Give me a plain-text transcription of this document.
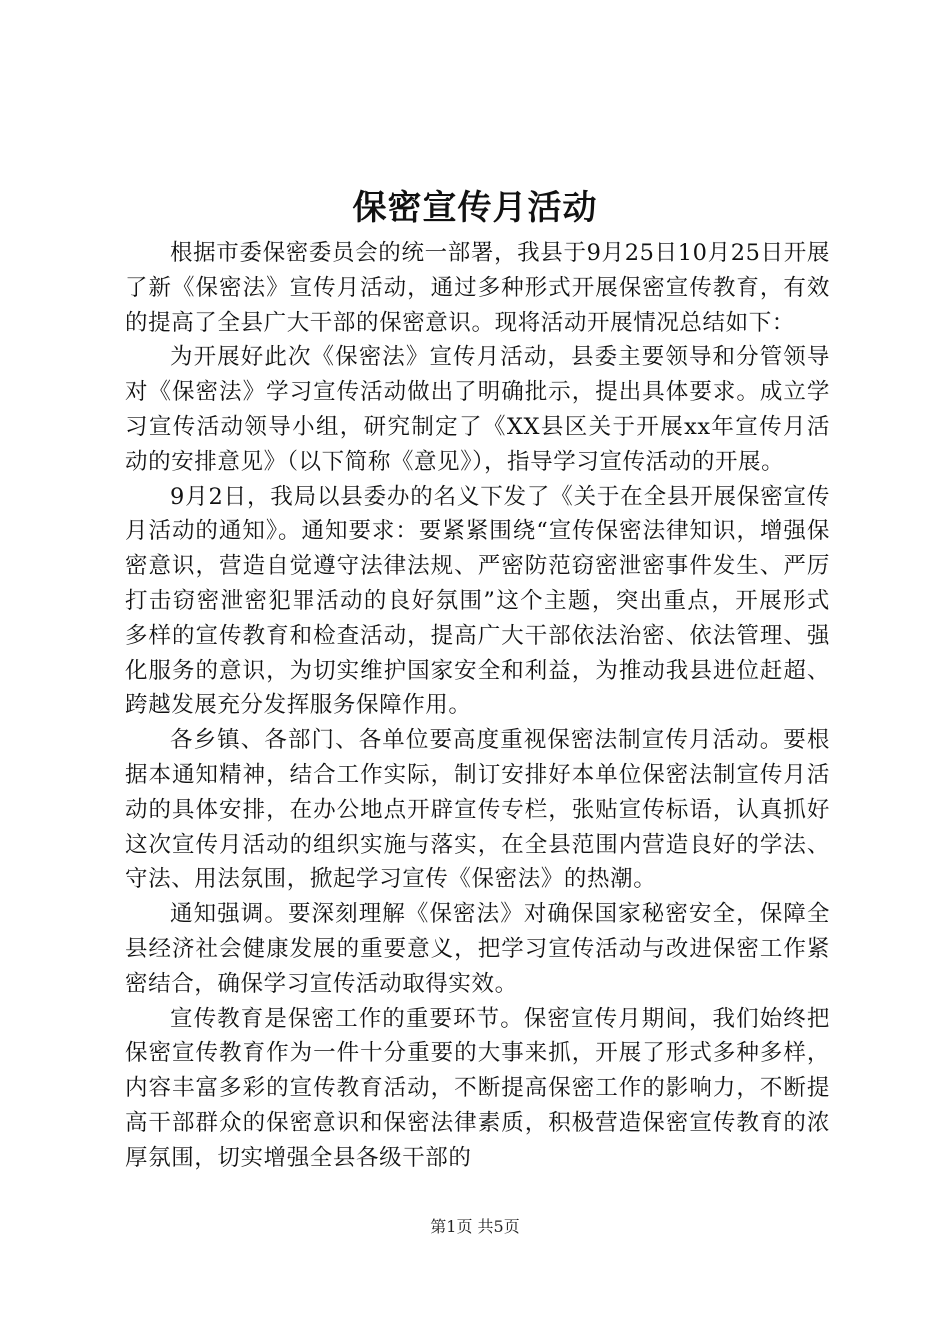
保密宣传月活动

根据市委保密委员会的统一部署，我县于9月25日10月25日开展了新《保密法》宣传月活动，通过多种形式开展保密宣传教育，有效的提高了全县广大干部的保密意识。现将活动开展情况总结如下：

为开展好此次《保密法》宣传月活动，县委主要领导和分管领导对《保密法》学习宣传活动做出了明确批示，提出具体要求。成立学习宣传活动领导小组，研究制定了《XX县区关于开展xx年宣传月活动的安排意见》（以下简称《意见》），指导学习宣传活动的开展。

9月2日，我局以县委办的名义下发了《关于在全县开展保密宣传月活动的通知》。通知要求：要紧紧围绕“宣传保密法律知识，增强保密意识，营造自觉遵守法律法规、严密防范窃密泄密事件发生、严厉打击窃密泄密犯罪活动的良好氛围”这个主题，突出重点，开展形式多样的宣传教育和检查活动，提高广大干部依法治密、依法管理、强化服务的意识，为切实维护国家安全和利益，为推动我县进位赶超、跨越发展充分发挥服务保障作用。

各乡镇、各部门、各单位要高度重视保密法制宣传月活动。要根据本通知精神，结合工作实际，制订安排好本单位保密法制宣传月活动的具体安排，在办公地点开辟宣传专栏，张贴宣传标语，认真抓好这次宣传月活动的组织实施与落实，在全县范围内营造良好的学法、守法、用法氛围，掀起学习宣传《保密法》的热潮。

通知强调。要深刻理解《保密法》对确保国家秘密安全，保障全县经济社会健康发展的重要意义，把学习宣传活动与改进保密工作紧密结合，确保学习宣传活动取得实效。

宣传教育是保密工作的重要环节。保密宣传月期间，我们始终把保密宣传教育作为一件十分重要的大事来抓，开展了形式多种多样，内容丰富多彩的宣传教育活动，不断提高保密工作的影响力，不断提高干部群众的保密意识和保密法律素质，积极营造保密宣传教育的浓厚氛围，切实增强全县各级干部的

第1页 共5页
